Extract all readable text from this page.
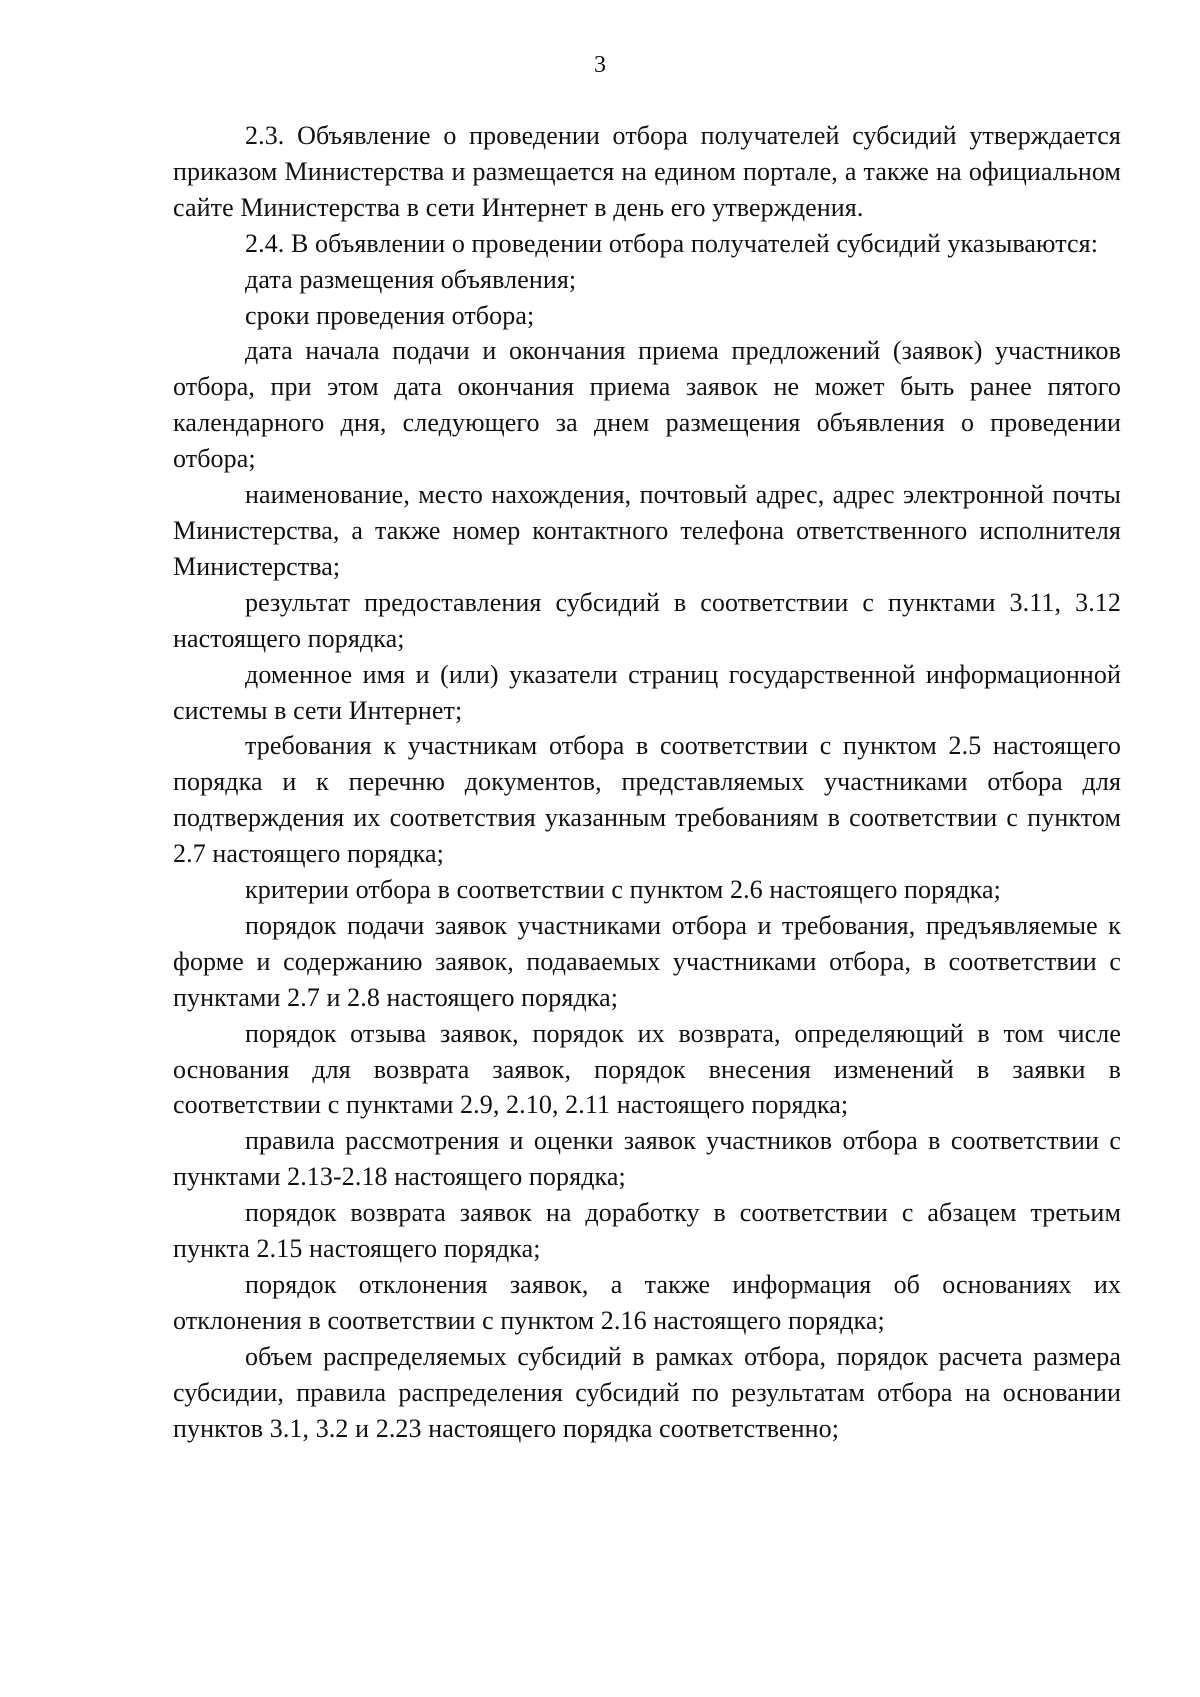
3

2.3. Объявление о проведении отбора получателей субсидий утверждается приказом Министерства и размещается на едином портале, а также на официальном сайте Министерства в сети Интернет в день его утверждения.

2.4. В объявлении о проведении отбора получателей субсидий указываются:

дата размещения объявления;

сроки проведения отбора;

дата начала подачи и окончания приема предложений (заявок) участников отбора, при этом дата окончания приема заявок не может быть ранее пятого календарного дня, следующего за днем размещения объявления о проведении отбора;

наименование, место нахождения, почтовый адрес, адрес электронной почты Министерства, а также номер контактного телефона ответственного исполнителя Министерства;

результат предоставления субсидий в соответствии с пунктами 3.11, 3.12 настоящего порядка;

доменное имя и (или) указатели страниц государственной информационной системы в сети Интернет;

требования к участникам отбора в соответствии с пунктом 2.5 настоящего порядка и к перечню документов, представляемых участниками отбора для подтверждения их соответствия указанным требованиям в соответствии с пунктом 2.7 настоящего порядка;

критерии отбора в соответствии с пунктом 2.6 настоящего порядка;

порядок подачи заявок участниками отбора и требования, предъявляемые к форме и содержанию заявок, подаваемых участниками отбора, в соответствии с пунктами 2.7 и 2.8 настоящего порядка;

порядок отзыва заявок, порядок их возврата, определяющий в том числе основания для возврата заявок, порядок внесения изменений в заявки в соответствии с пунктами 2.9, 2.10, 2.11 настоящего порядка;

правила рассмотрения и оценки заявок участников отбора в соответствии с пунктами 2.13-2.18 настоящего порядка;

порядок возврата заявок на доработку в соответствии с абзацем третьим пункта 2.15 настоящего порядка;

порядок отклонения заявок, а также информация об основаниях их отклонения в соответствии с пунктом 2.16 настоящего порядка;

объем распределяемых субсидий в рамках отбора, порядок расчета размера субсидии, правила распределения субсидий по результатам отбора на основании пунктов 3.1, 3.2 и 2.23 настоящего порядка соответственно;
